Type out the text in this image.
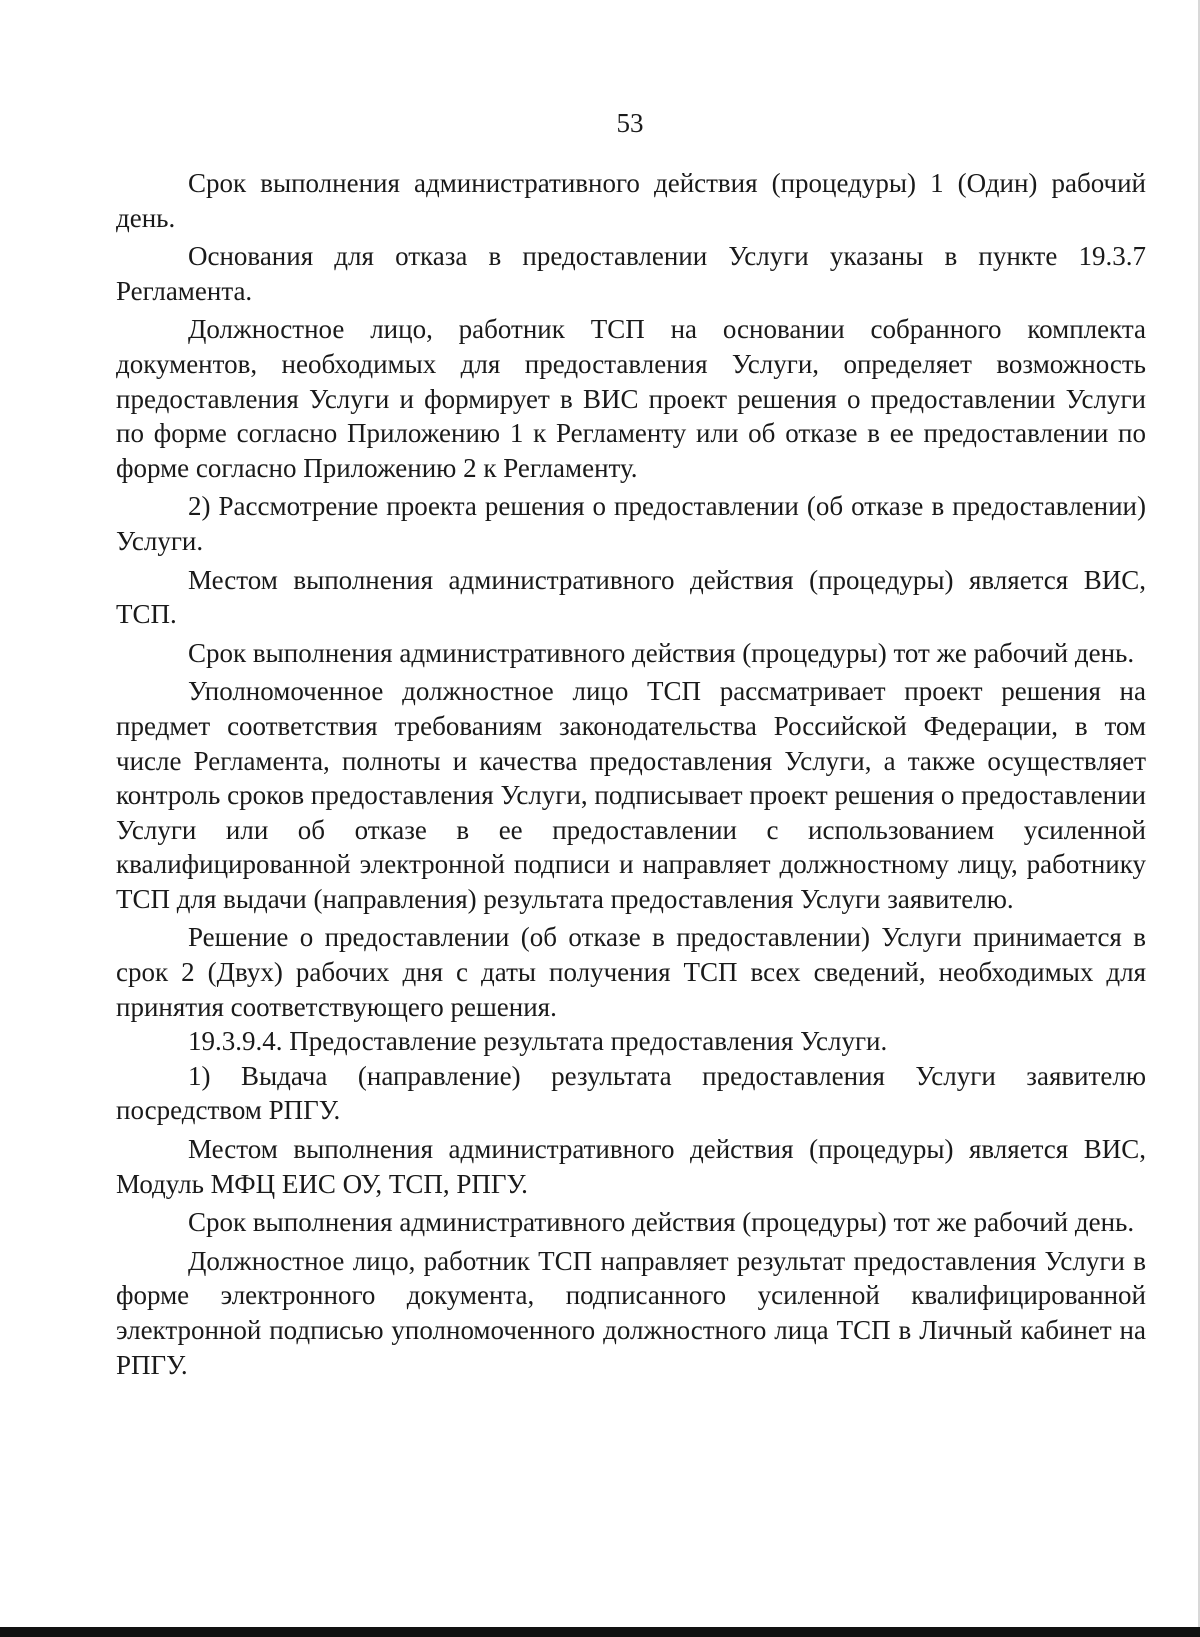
53

Срок выполнения административного действия (процедуры) 1 (Один) рабочий день.

Основания для отказа в предоставлении Услуги указаны в пункте 19.3.7 Регламента.

Должностное лицо, работник ТСП на основании собранного комплекта документов, необходимых для предоставления Услуги, определяет возможность предоставления Услуги и формирует в ВИС проект решения о предоставлении Услуги по форме согласно Приложению 1 к Регламенту или об отказе в ее предоставлении по форме согласно Приложению 2 к Регламенту.

2) Рассмотрение проекта решения о предоставлении (об отказе в предоставлении) Услуги.

Местом выполнения административного действия (процедуры) является ВИС, ТСП.

Срок выполнения административного действия (процедуры) тот же рабочий день.

Уполномоченное должностное лицо ТСП рассматривает проект решения на предмет соответствия требованиям законодательства Российской Федерации, в том числе Регламента, полноты и качества предоставления Услуги, а также осуществляет контроль сроков предоставления Услуги, подписывает проект решения о предоставлении Услуги или об отказе в ее предоставлении с использованием усиленной квалифицированной электронной подписи и направляет должностному лицу, работнику ТСП для выдачи (направления) результата предоставления Услуги заявителю.

Решение о предоставлении (об отказе в предоставлении) Услуги принимается в срок 2 (Двух) рабочих дня с даты получения ТСП всех сведений, необходимых для принятия соответствующего решения.

19.3.9.4. Предоставление результата предоставления Услуги.

1) Выдача (направление) результата предоставления Услуги заявителю посредством РПГУ.

Местом выполнения административного действия (процедуры) является ВИС, Модуль МФЦ ЕИС ОУ, ТСП, РПГУ.

Срок выполнения административного действия (процедуры) тот же рабочий день.

Должностное лицо, работник ТСП направляет результат предоставления Услуги в форме электронного документа, подписанного усиленной квалифицированной электронной подписью уполномоченного должностного лица ТСП в Личный кабинет на РПГУ.
